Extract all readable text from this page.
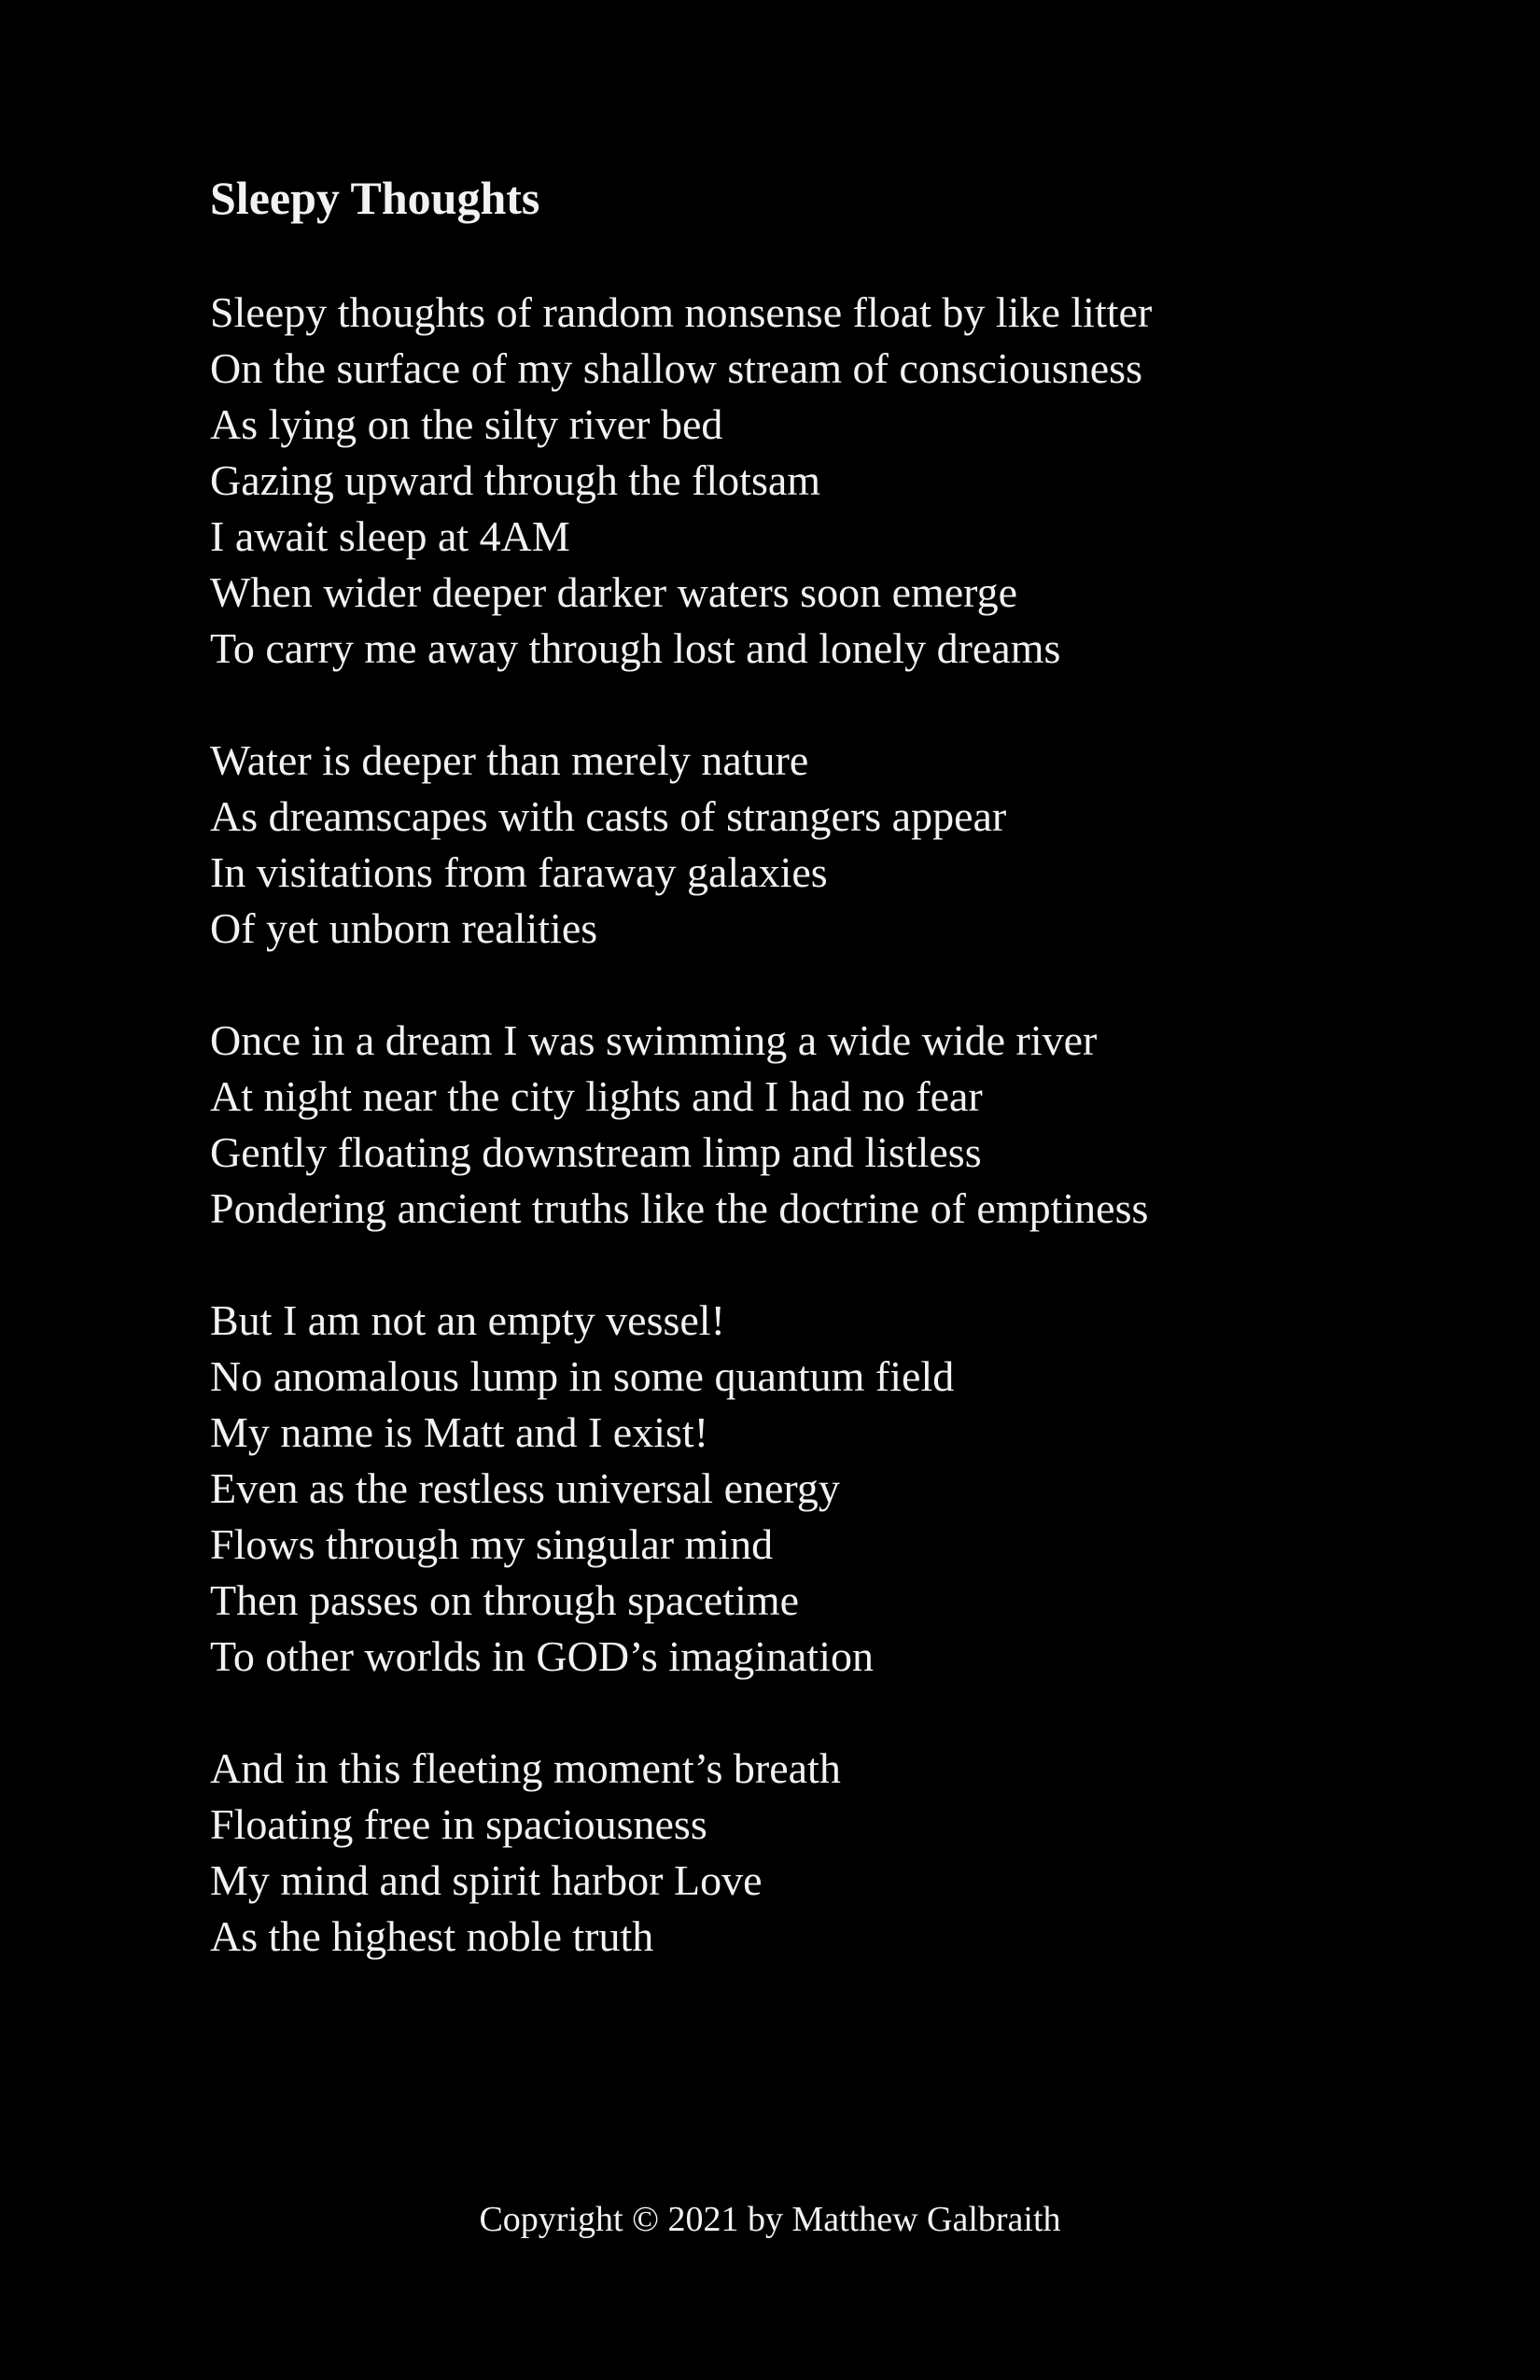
Sleepy Thoughts
Sleepy thoughts of random nonsense float by like litter
On the surface of my shallow stream of consciousness
As lying on the silty river bed
Gazing upward through the flotsam
I await sleep at 4AM
When wider deeper darker waters soon emerge
To carry me away through lost and lonely dreams
Water is deeper than merely nature
As dreamscapes with casts of strangers appear
In visitations from faraway galaxies
Of yet unborn realities
Once in a dream I was swimming a wide wide river
At night near the city lights and I had no fear
Gently floating downstream limp and listless
Pondering ancient truths like the doctrine of emptiness
But I am not an empty vessel!
No anomalous lump in some quantum field
My name is Matt and I exist!
Even as the restless universal energy
Flows through my singular mind
Then passes on through spacetime
To other worlds in GOD’s imagination
And in this fleeting moment’s breath
Floating free in spaciousness
My mind and spirit harbor Love
As the highest noble truth
Copyright © 2021 by Matthew Galbraith
